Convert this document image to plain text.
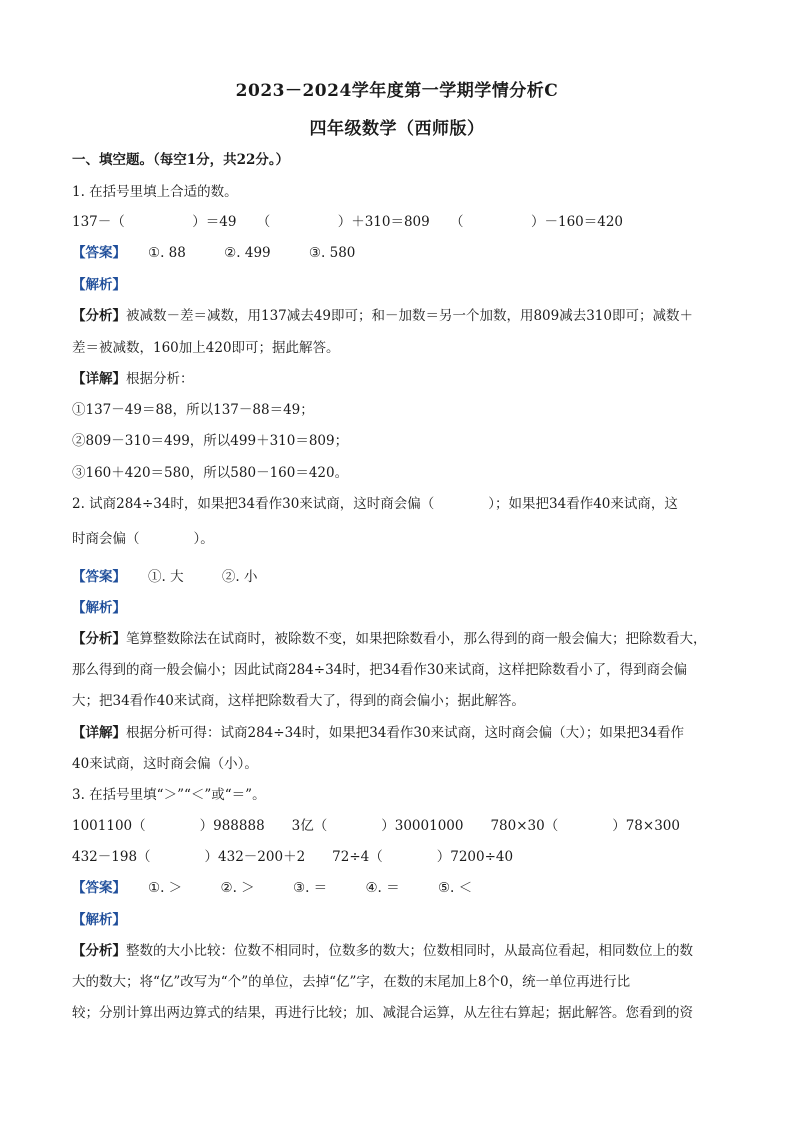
2023－2024学年度第一学期学情分析C
四年级数学（西师版）
一、填空题。（每空1分，共22分。）
1. 在括号里填上合适的数。
137－（　　　　　）＝49　　（　　　　　）＋310＝809　　（　　　　　）－160＝420
【答案】 ①. 88	②. 499	③. 580
【解析】
【分析】被减数－差＝减数，用137减去49即可；和－加数＝另一个加数，用809减去310即可；减数＋
差＝被减数，160加上420即可；据此解答。
【详解】根据分析：
①137－49＝88，所以137－88＝49；
②809－310＝499，所以499＋310＝809；
③160＋420＝580，所以580－160＝420。
2. 试商284÷34时，如果把34看作30来试商，这时商会偏（　　　　）；如果把34看作40来试商，这
时商会偏（　　　　）。
【答案】 ①. 大	②. 小
【解析】
【分析】笔算整数除法在试商时，被除数不变，如果把除数看小，那么得到的商一般会偏大；把除数看大，
那么得到的商一般会偏小；因此试商284÷34时，把34看作30来试商，这样把除数看小了，得到商会偏
大；把34看作40来试商，这样把除数看大了，得到的商会偏小；据此解答。
【详解】根据分析可得：试商284÷34时，如果把34看作30来试商，这时商会偏（大）；如果把34看作
40来试商，这时商会偏（小）。
3. 在括号里填“＞”“＜”或“＝”。
1001100（　　　　）988888　　3亿（　　　　）30001000　　780×30（　　　　）78×300
432－198（　　　　）432－200＋2　　72÷4（　　　　）7200÷40
【答案】 ①. ＞	②. ＞	③. ＝	④. ＝	⑤. ＜
【解析】
【分析】整数的大小比较：位数不相同时，位数多的数大；位数相同时，从最高位看起，相同数位上的数
大的数大；将“亿”改写为“个”的单位，去掉“亿”字，在数的末尾加上8个0，统一单位再进行比
较；分别计算出两边算式的结果，再进行比较；加、减混合运算，从左往右算起；据此解答。您看到的资
